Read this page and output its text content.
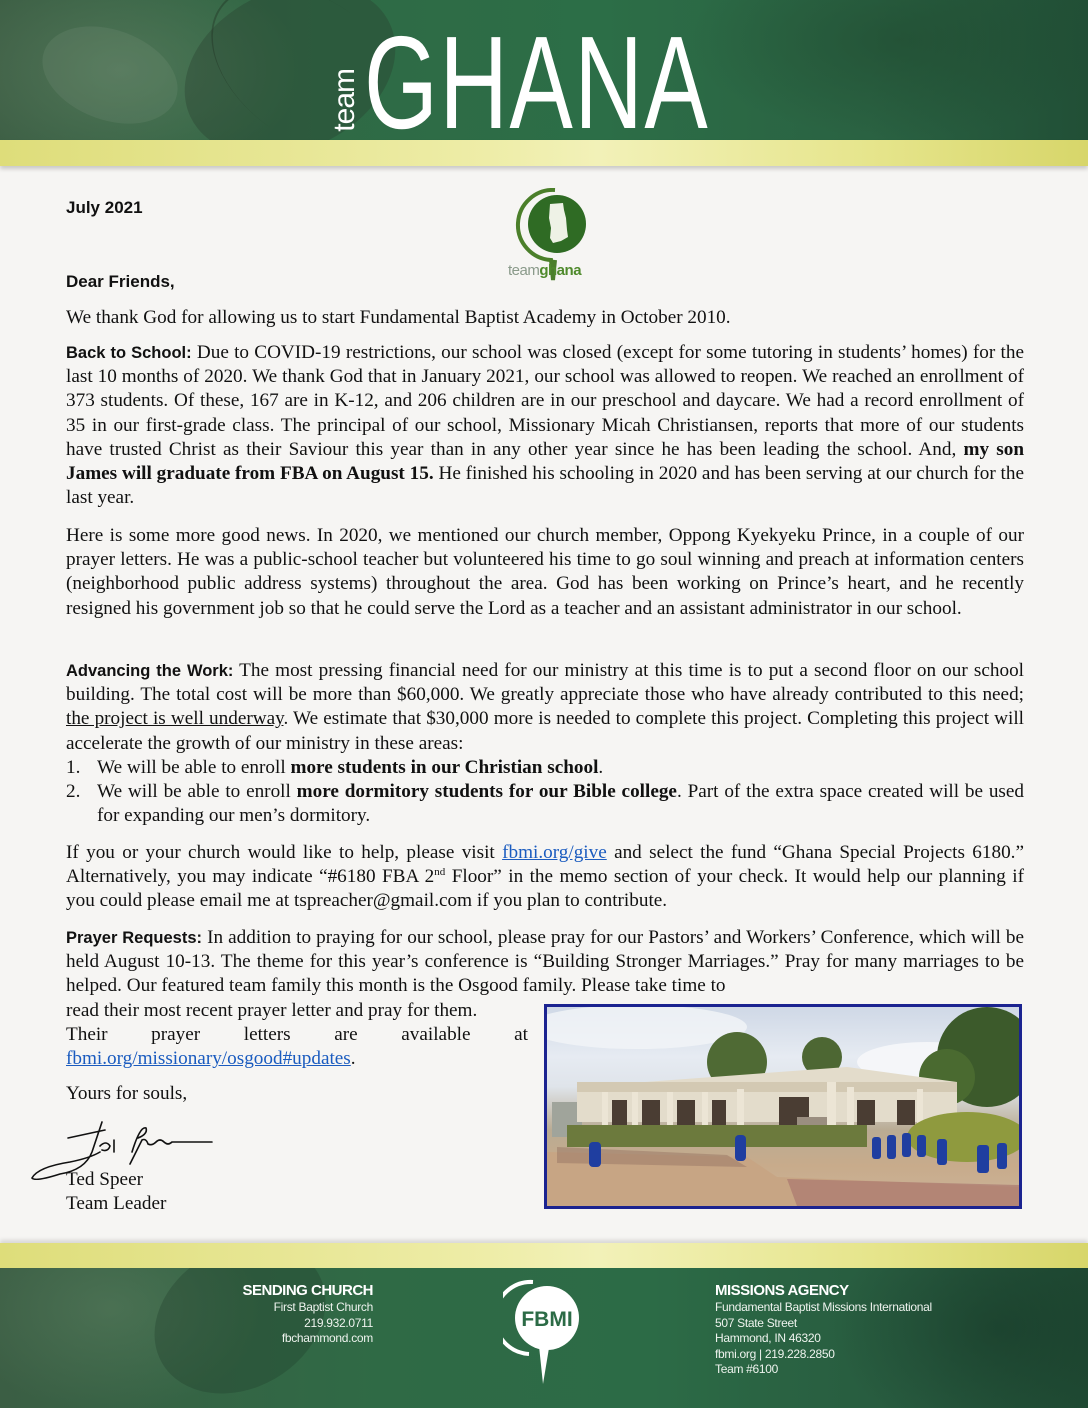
team GHANA
July 2021
Dear Friends,
teamghana

We thank God for allowing us to start Fundamental Baptist Academy in October 2010.

Back to School: Due to COVID-19 restrictions, our school was closed (except for some tutoring in students’ homes) for the last 10 months of 2020. We thank God that in January 2021, our school was allowed to reopen. We reached an enrollment of 373 students. Of these, 167 are in K-12, and 206 children are in our preschool and daycare. We had a record enrollment of 35 in our first-grade class. The principal of our school, Missionary Micah Christiansen, reports that more of our students have trusted Christ as their Saviour this year than in any other year since he has been leading the school. And, my son James will graduate from FBA on August 15. He finished his schooling in 2020 and has been serving at our church for the last year.

Here is some more good news. In 2020, we mentioned our church member, Oppong Kyekyeku Prince, in a couple of our prayer letters. He was a public-school teacher but volunteered his time to go soul winning and preach at information centers (neighborhood public address systems) throughout the area. God has been working on Prince’s heart, and he recently resigned his government job so that he could serve the Lord as a teacher and an assistant administrator in our school.

Advancing the Work: The most pressing financial need for our ministry at this time is to put a second floor on our school building. The total cost will be more than $60,000. We greatly appreciate those who have already contributed to this need; the project is well underway. We estimate that $30,000 more is needed to complete this project. Completing this project will accelerate the growth of our ministry in these areas:

1. We will be able to enroll more students in our Christian school.
2. We will be able to enroll more dormitory students for our Bible college. Part of the extra space created will be used for expanding our men’s dormitory.

If you or your church would like to help, please visit fbmi.org/give and select the fund “Ghana Special Projects 6180.” Alternatively, you may indicate “#6180 FBA 2nd Floor” in the memo section of your check. It would help our planning if you could please email me at tspreacher@gmail.com if you plan to contribute.

Prayer Requests: In addition to praying for our school, please pray for our Pastors’ and Workers’ Conference, which will be held August 10-13. The theme for this year’s conference is “Building Stronger Marriages.” Pray for many marriages to be helped. Our featured team family this month is the Osgood family. Please take time to

read their most recent prayer letter and pray for them.
Their prayer letters are available at
fbmi.org/missionary/osgood#updates.
Yours for souls,
Ted Speer
Team Leader
SENDING CHURCH
First Baptist Church
219.932.0711
fbchammond.com
FBMI
MISSIONS AGENCY
Fundamental Baptist Missions International
507 State Street
Hammond, IN 46320
fbmi.org | 219.228.2850
Team #6100
